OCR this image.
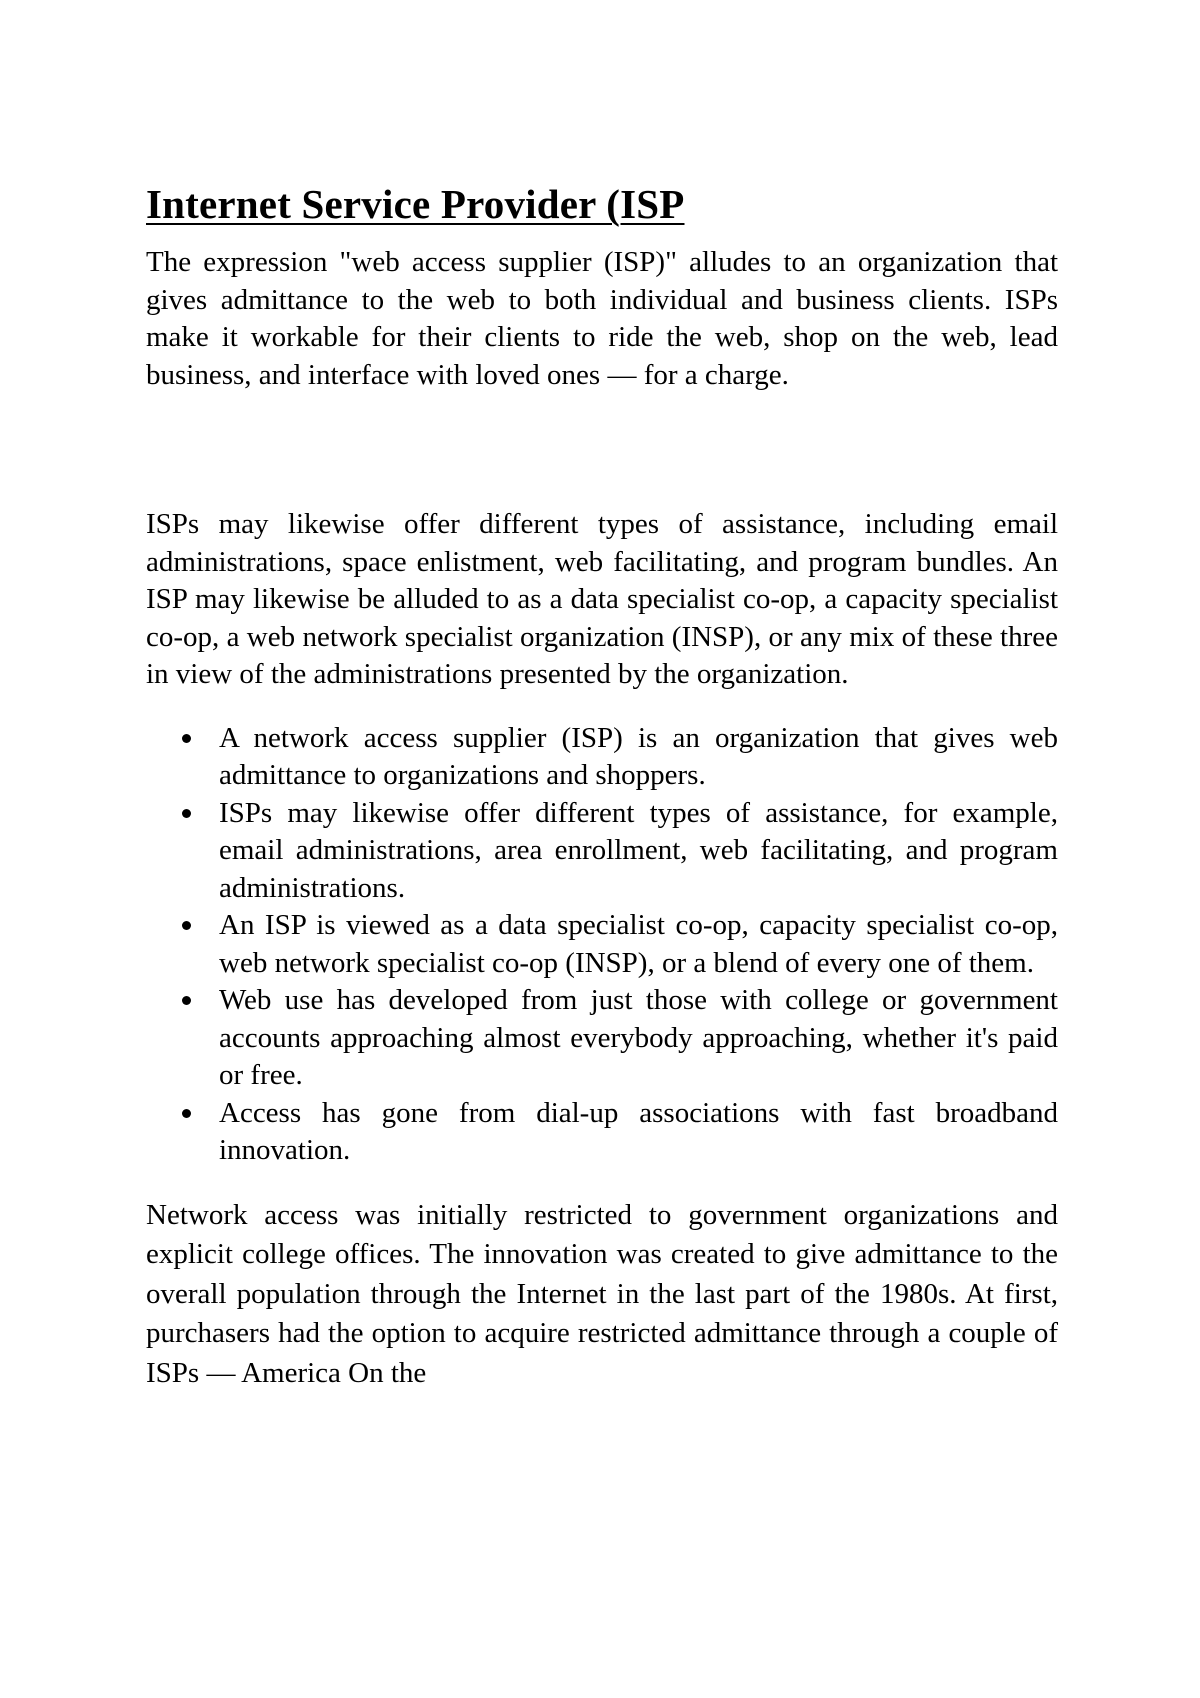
Internet Service Provider (ISP

The expression "web access supplier (ISP)" alludes to an organization that gives admittance to the web to both individual and business clients. ISPs make it workable for their clients to ride the web, shop on the web, lead business, and interface with loved ones — for a charge.

ISPs may likewise offer different types of assistance, including email administrations, space enlistment, web facilitating, and program bundles. An ISP may likewise be alluded to as a data specialist co-op, a capacity specialist co-op, a web network specialist organization (INSP), or any mix of these three in view of the administrations presented by the organization.

A network access supplier (ISP) is an organization that gives web admittance to organizations and shoppers.
ISPs may likewise offer different types of assistance, for example, email administrations, area enrollment, web facilitating, and program administrations.
An ISP is viewed as a data specialist co-op, capacity specialist co-op, web network specialist co-op (INSP), or a blend of every one of them.
Web use has developed from just those with college or government accounts approaching almost everybody approaching, whether it's paid or free.
Access has gone from dial-up associations with fast broadband innovation.

Network access was initially restricted to government organizations and explicit college offices. The innovation was created to give admittance to the overall population through the Internet in the last part of the 1980s. At first, purchasers had the option to acquire restricted admittance through a couple of ISPs — America On the
